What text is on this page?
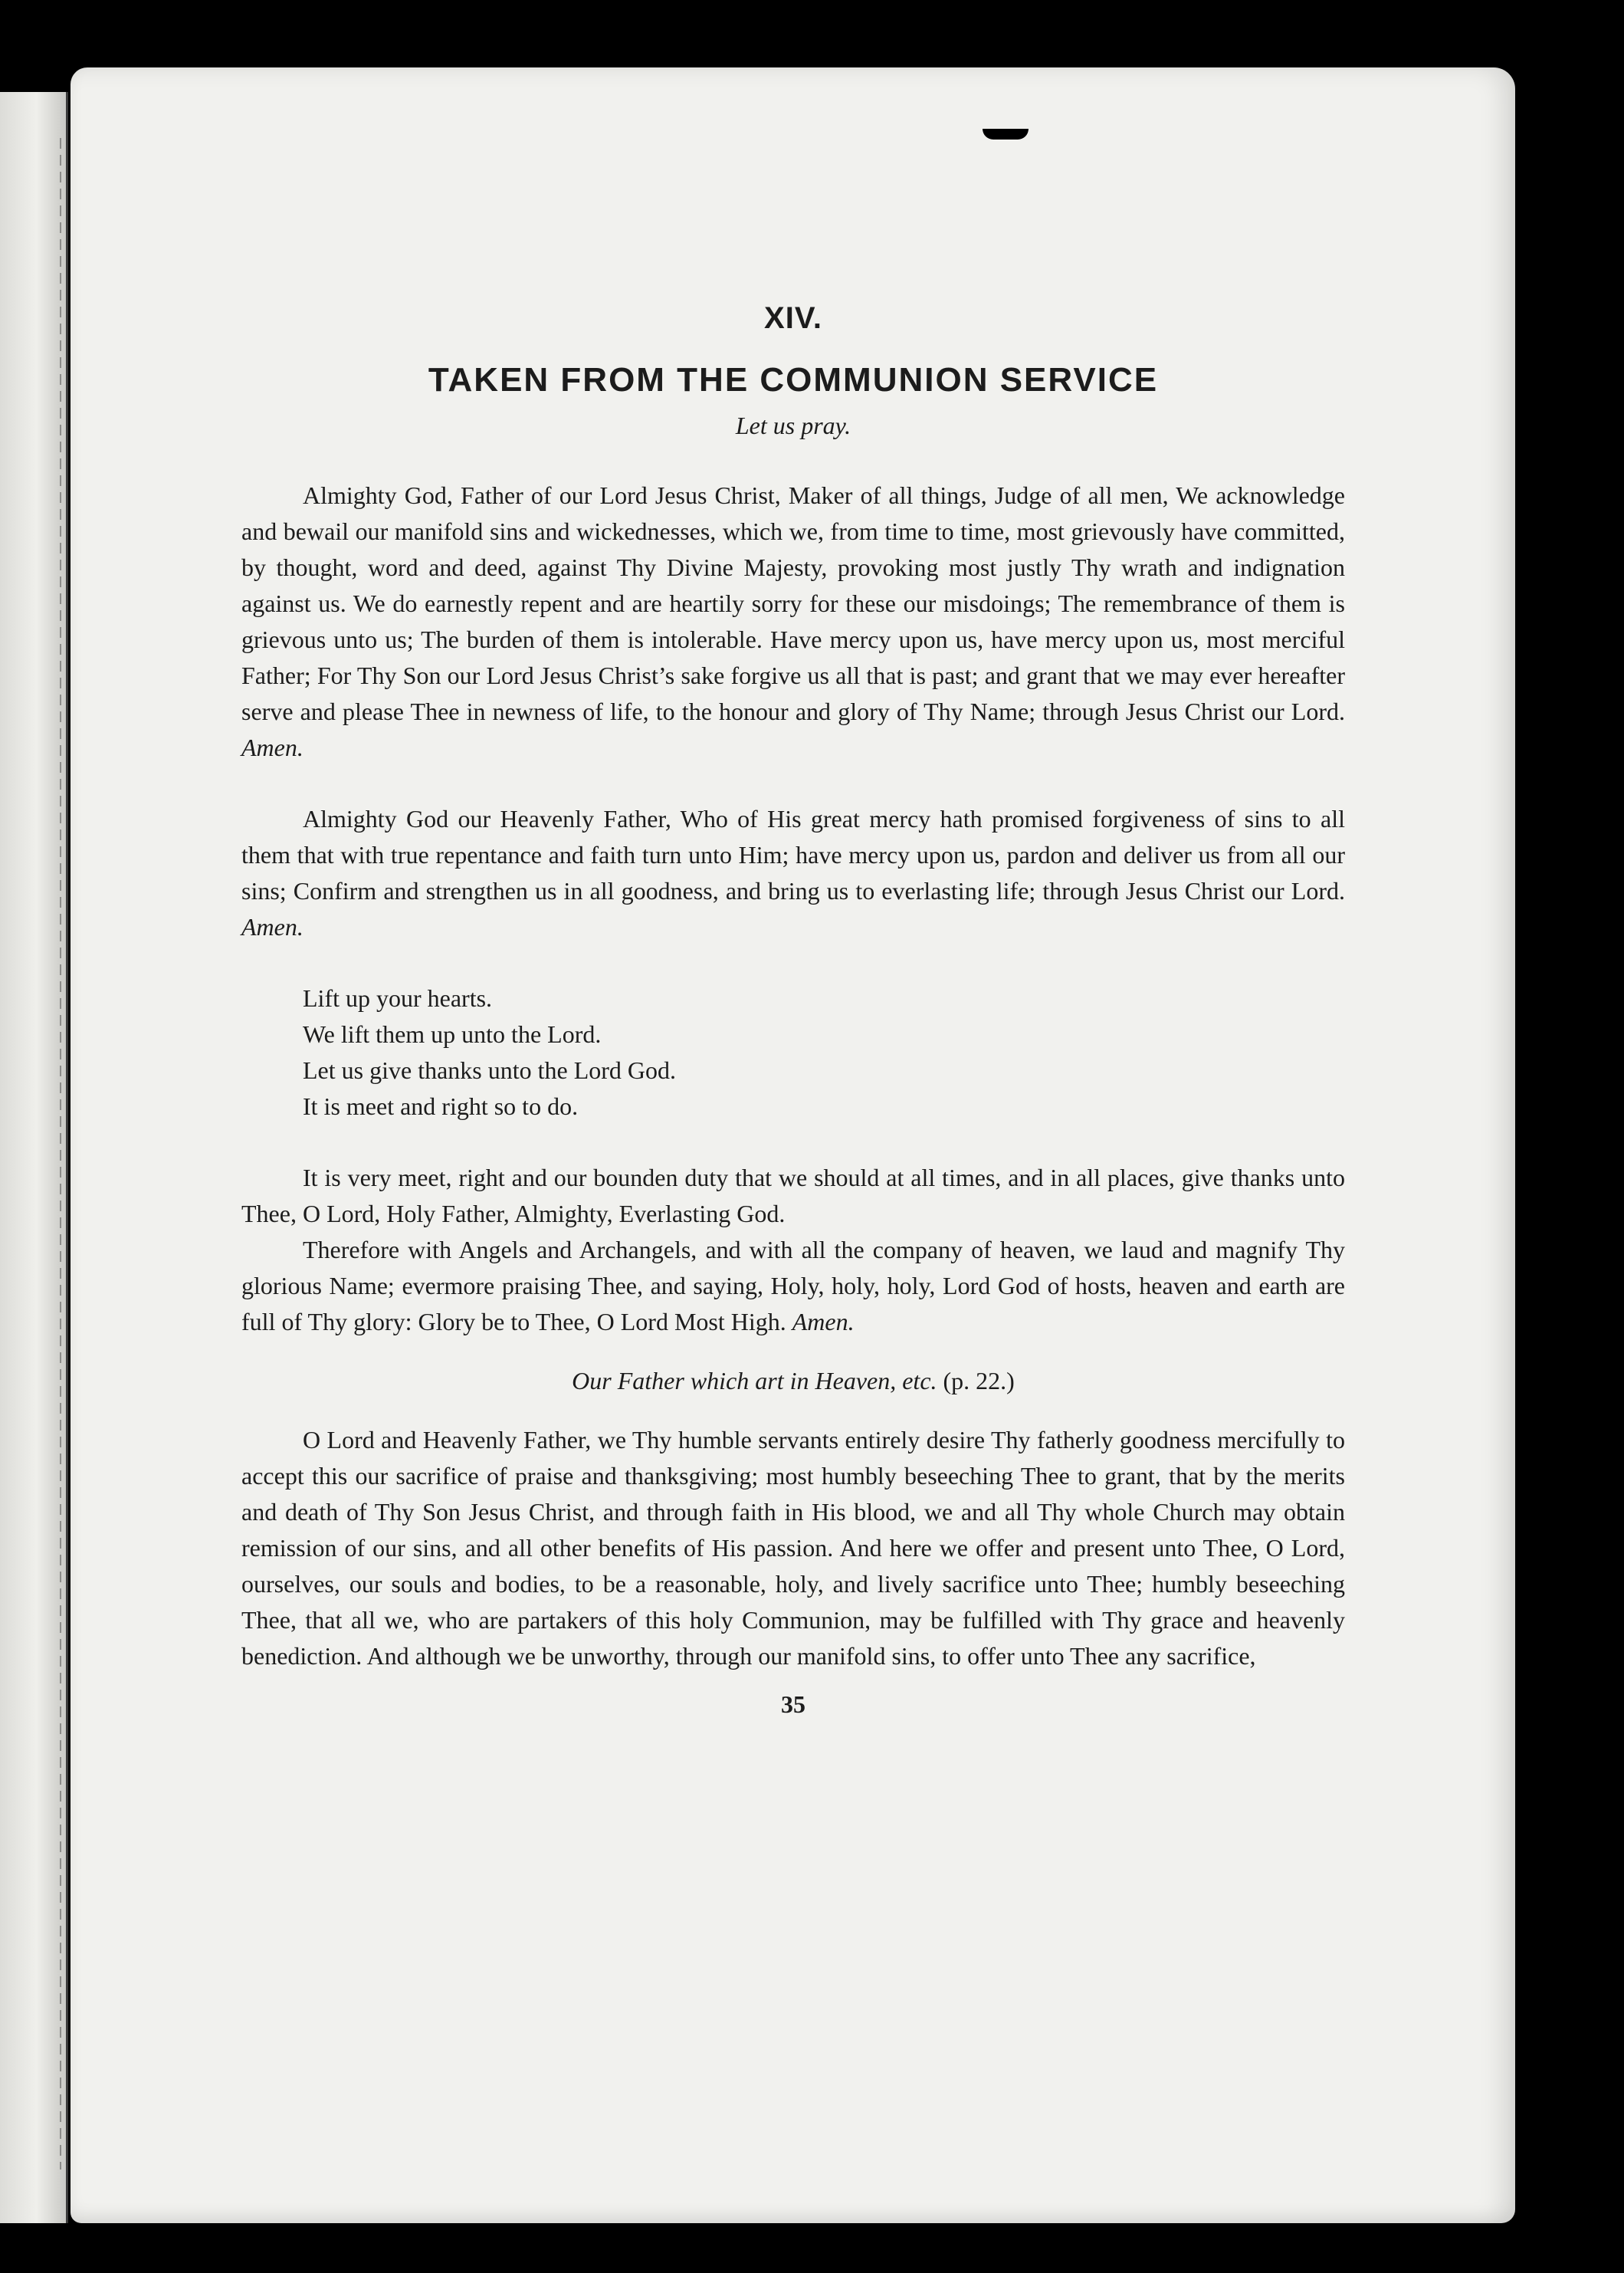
XIV.
TAKEN FROM THE COMMUNION SERVICE
Let us pray.

Almighty God, Father of our Lord Jesus Christ, Maker of all things, Judge of all men, We acknowledge and bewail our manifold sins and wickednesses, which we, from time to time, most grievously have committed, by thought, word and deed, against Thy Divine Majesty, provoking most justly Thy wrath and indignation against us. We do earnestly repent and are heartily sorry for these our misdoings; The remembrance of them is grievous unto us; The burden of them is intolerable. Have mercy upon us, have mercy upon us, most merciful Father; For Thy Son our Lord Jesus Christ’s sake forgive us all that is past; and grant that we may ever hereafter serve and please Thee in newness of life, to the honour and glory of Thy Name; through Jesus Christ our Lord. Amen.

Almighty God our Heavenly Father, Who of His great mercy hath promised forgiveness of sins to all them that with true repentance and faith turn unto Him; have mercy upon us, pardon and deliver us from all our sins; Confirm and strengthen us in all goodness, and bring us to everlasting life; through Jesus Christ our Lord. Amen.

Lift up your hearts.
We lift them up unto the Lord.
Let us give thanks unto the Lord God.
It is meet and right so to do.

It is very meet, right and our bounden duty that we should at all times, and in all places, give thanks unto Thee, O Lord, Holy Father, Almighty, Everlasting God.

Therefore with Angels and Archangels, and with all the company of heaven, we laud and magnify Thy glorious Name; evermore praising Thee, and saying, Holy, holy, holy, Lord God of hosts, heaven and earth are full of Thy glory: Glory be to Thee, O Lord Most High. Amen.

Our Father which art in Heaven, etc. (p. 22.)

O Lord and Heavenly Father, we Thy humble servants entirely desire Thy fatherly goodness mercifully to accept this our sacrifice of praise and thanksgiving; most humbly beseeching Thee to grant, that by the merits and death of Thy Son Jesus Christ, and through faith in His blood, we and all Thy whole Church may obtain remission of our sins, and all other benefits of His passion. And here we offer and present unto Thee, O Lord, ourselves, our souls and bodies, to be a reasonable, holy, and lively sacrifice unto Thee; humbly beseeching Thee, that all we, who are partakers of this holy Communion, may be fulfilled with Thy grace and heavenly benediction. And although we be unworthy, through our manifold sins, to offer unto Thee any sacrifice,

35
